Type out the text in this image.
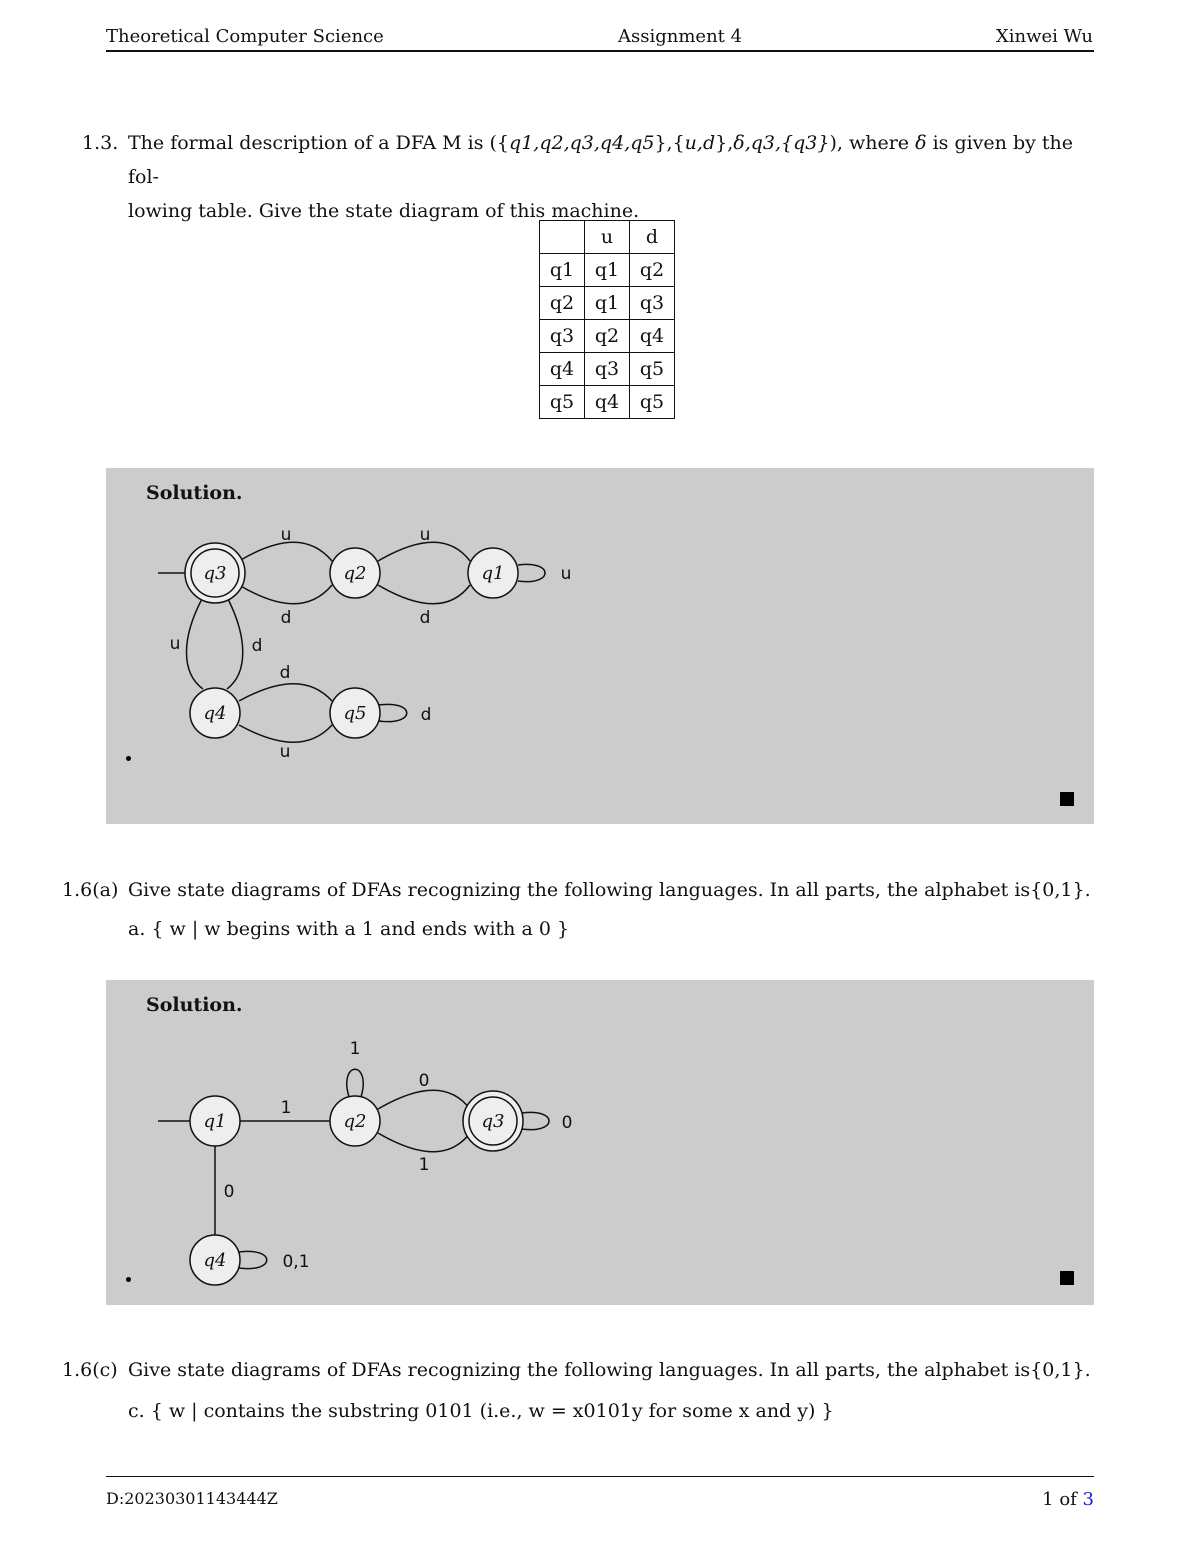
Theoretical Computer Science	Assignment 4	Xinwei Wu
1.3. The formal description of a DFA M is ({q1,q2,q3,q4,q5},{u,d},δ,q3,{q3}), where δ is given by the fol-
lowing table. Give the state diagram of this machine.
	u	d
q1	q1	q2
q2	q1	q3
q3	q2	q4
q4	q3	q5
q5	q4	q5
Solution.
q3	q2	q1
q4	q5
u	u
d	d
u
u	d
d
u
d
1.6(a) Give state diagrams of DFAs recognizing the following languages. In all parts, the alphabet is{0,1}.
a. { w | w begins with a 1 and ends with a 0 }
Solution.
q1	q2	q3
q4
1
1
0
1
0
0
0,1
1.6(c) Give state diagrams of DFAs recognizing the following languages. In all parts, the alphabet is{0,1}.
c. { w | contains the substring 0101 (i.e., w = x0101y for some x and y) }
D:20230301143444Z	1 of 3
